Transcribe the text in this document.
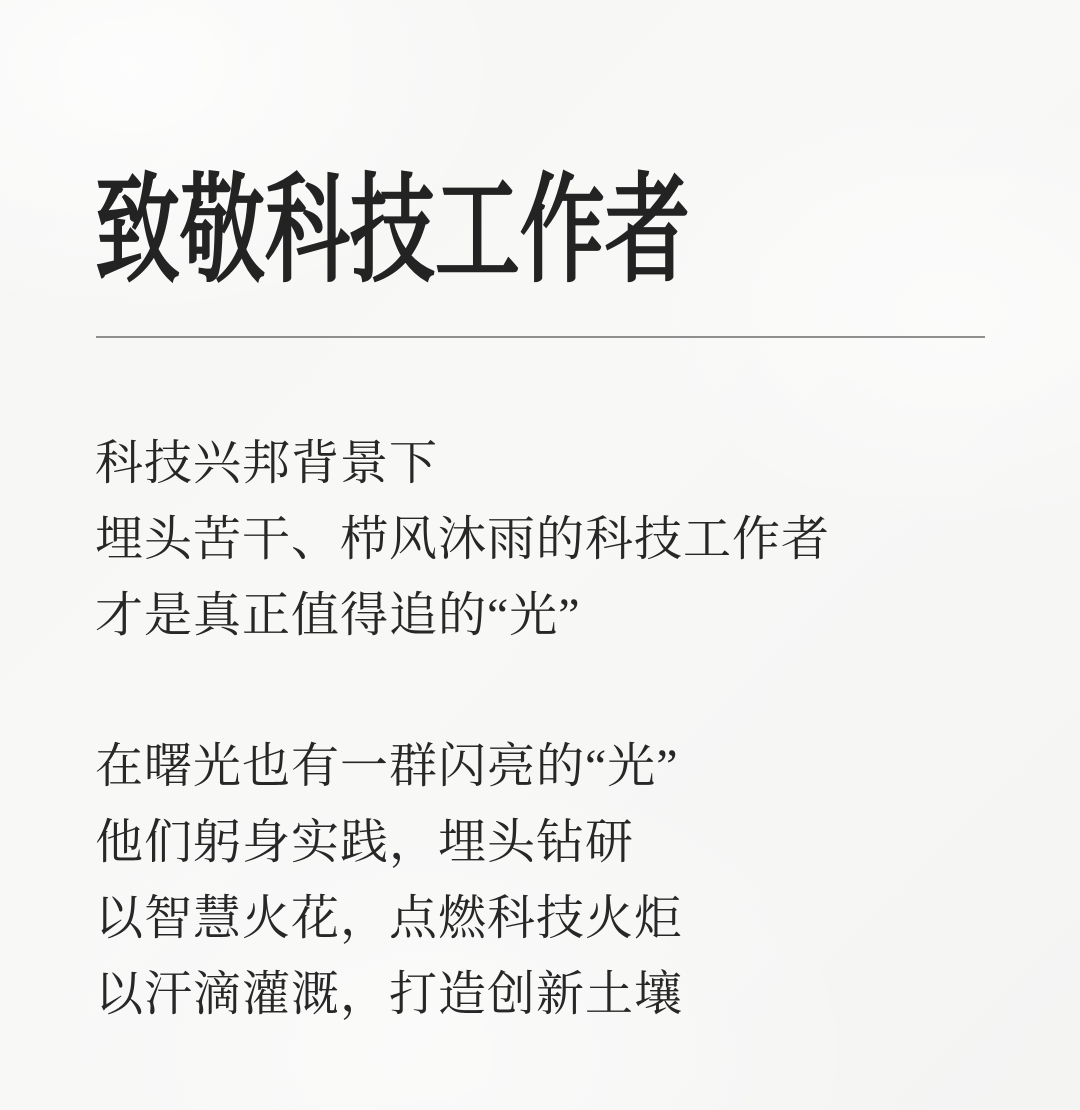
致敬科技工作者
科技兴邦背景下
埋头苦干、栉风沐雨的科技工作者
才是真正值得追的“光”
在曙光也有一群闪亮的“光”
他们躬身实践，埋头钻研
以智慧火花，点燃科技火炬
以汗滴灌溉，打造创新土壤
